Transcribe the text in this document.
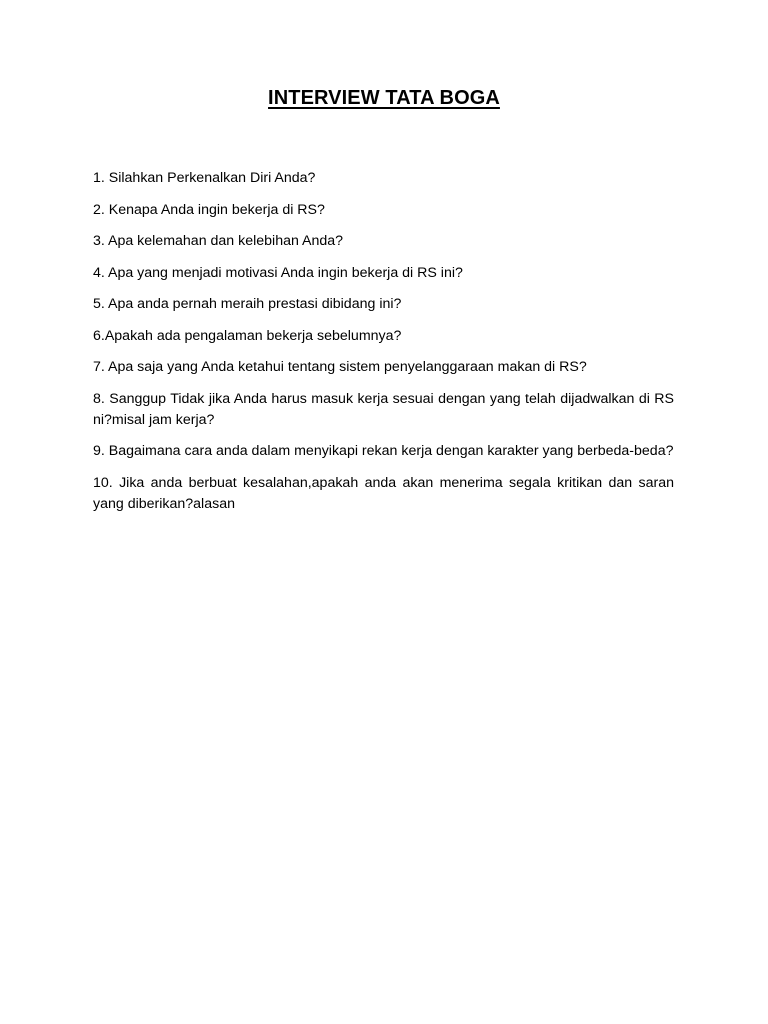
INTERVIEW TATA BOGA
1. Silahkan Perkenalkan Diri Anda?
2. Kenapa Anda ingin bekerja di RS?
3. Apa kelemahan dan kelebihan Anda?
4. Apa yang menjadi motivasi Anda ingin bekerja di RS ini?
5. Apa anda pernah meraih prestasi dibidang ini?
6.Apakah ada pengalaman bekerja sebelumnya?
7. Apa saja yang Anda ketahui tentang sistem penyelanggaraan makan di RS?
8. Sanggup Tidak jika Anda harus masuk kerja sesuai dengan yang telah dijadwalkan di RS ni?misal jam kerja?
9. Bagaimana cara anda dalam menyikapi rekan kerja dengan karakter yang berbeda-beda?
10. Jika anda berbuat kesalahan,apakah anda akan menerima segala kritikan dan saran yang diberikan?alasan
